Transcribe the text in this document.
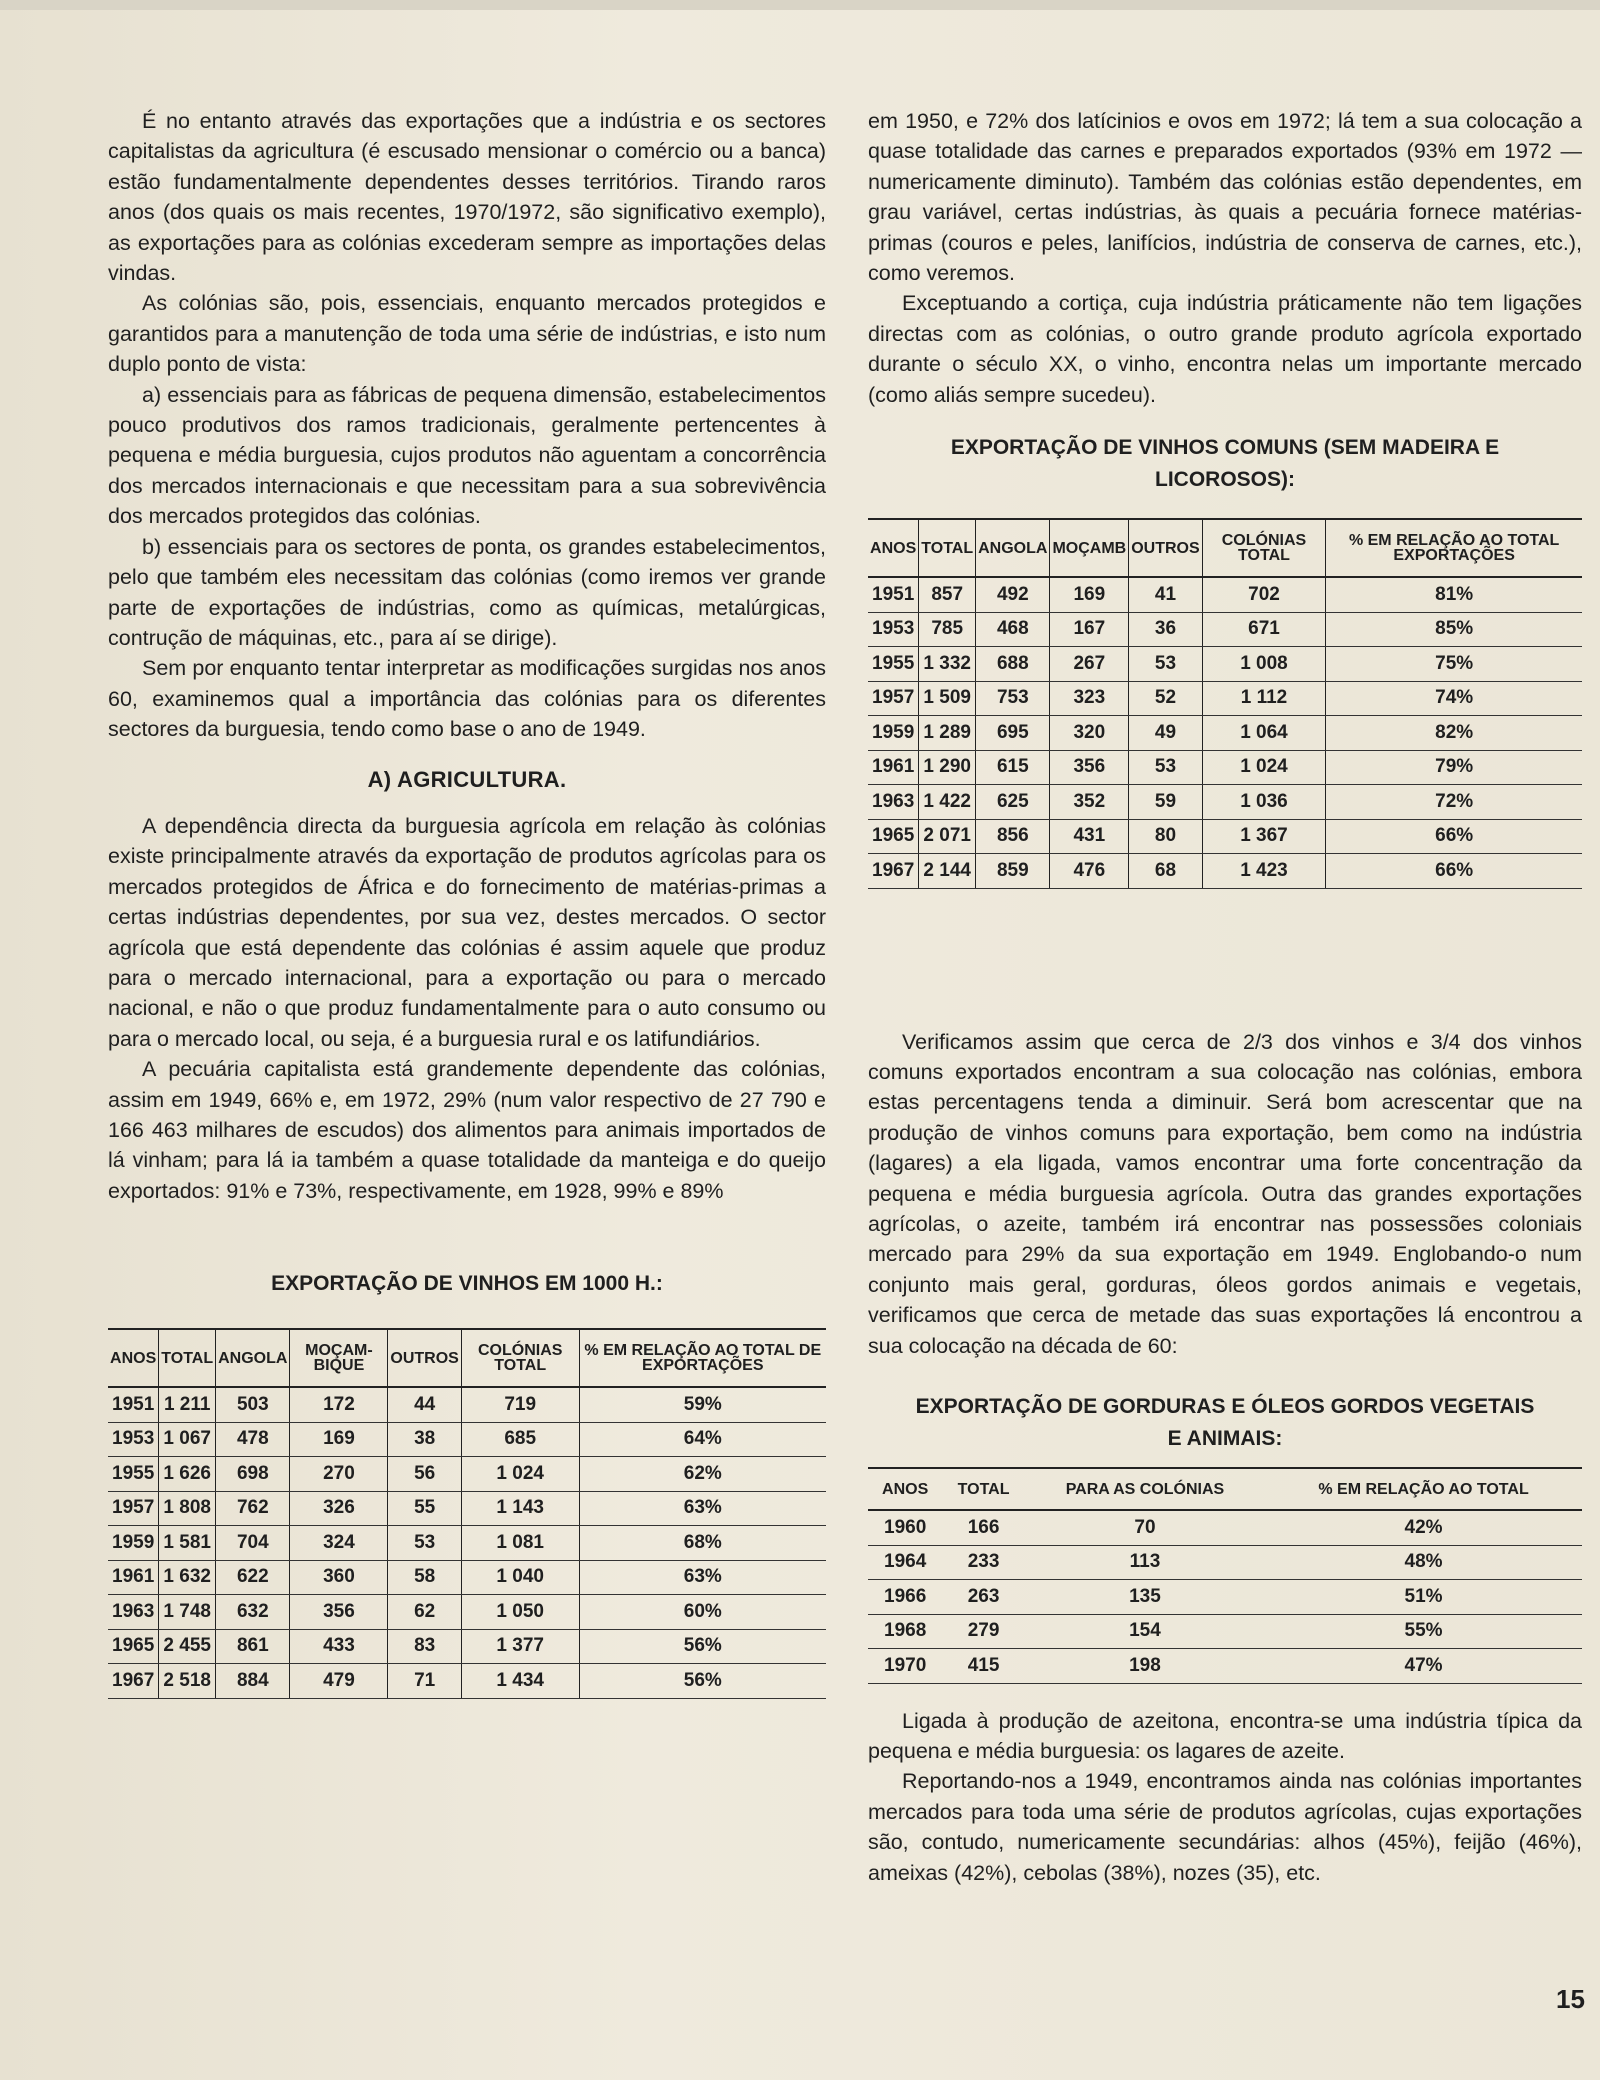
É no entanto através das exportações que a indústria e os sectores capitalistas da agricultura (é escusado mensionar o comércio ou a banca) estão fundamentalmente dependentes desses territórios. Tirando raros anos (dos quais os mais recentes, 1970/1972, são significativo exemplo), as exportações para as colónias excederam sempre as importações delas vindas.

As colónias são, pois, essenciais, enquanto mercados protegidos e garantidos para a manutenção de toda uma série de indústrias, e isto num duplo ponto de vista:

a) essenciais para as fábricas de pequena dimensão, estabelecimentos pouco produtivos dos ramos tradicionais, geralmente pertencentes à pequena e média burguesia, cujos produtos não aguentam a concorrência dos mercados internacionais e que necessitam para a sua sobrevivência dos mercados protegidos das colónias.

b) essenciais para os sectores de ponta, os grandes estabelecimentos, pelo que também eles necessitam das colónias (como iremos ver grande parte de exportações de indústrias, como as químicas, metalúrgicas, contrução de máquinas, etc., para aí se dirige).

Sem por enquanto tentar interpretar as modificações surgidas nos anos 60, examinemos qual a importância das colónias para os diferentes sectores da burguesia, tendo como base o ano de 1949.

A) AGRICULTURA.

A dependência directa da burguesia agrícola em relação às colónias existe principalmente através da exportação de produtos agrícolas para os mercados protegidos de África e do fornecimento de matérias-primas a certas indústrias dependentes, por sua vez, destes mercados. O sector agrícola que está dependente das colónias é assim aquele que produz para o mercado internacional, para a exportação ou para o mercado nacional, e não o que produz fundamentalmente para o auto consumo ou para o mercado local, ou seja, é a burguesia rural e os latifundiários.

A pecuária capitalista está grandemente dependente das colónias, assim em 1949, 66% e, em 1972, 29% (num valor respectivo de 27 790 e 166 463 milhares de escudos) dos alimentos para animais importados de lá vinham; para lá ia também a quase totalidade da manteiga e do queijo exportados: 91% e 73%, respectivamente, em 1928, 99% e 89%

EXPORTAÇÃO DE VINHOS EM 1000 H.:
ANOS	TOTAL	ANGOLA	MOÇAM-BIQUE	OUTROS	COLÓNIAS TOTAL	% EM RELAÇÃO AO TOTAL DE EXPORTAÇÕES
1951	1 211	503	172	44	719	59%
1953	1 067	478	169	38	685	64%
1955	1 626	698	270	56	1 024	62%
1957	1 808	762	326	55	1 143	63%
1959	1 581	704	324	53	1 081	68%
1961	1 632	622	360	58	1 040	63%
1963	1 748	632	356	62	1 050	60%
1965	2 455	861	433	83	1 377	56%
1967	2 518	884	479	71	1 434	56%

em 1950, e 72% dos latícinios e ovos em 1972; lá tem a sua colocação a quase totalidade das carnes e preparados exportados (93% em 1972 — numericamente diminuto). Também das colónias estão dependentes, em grau variável, certas indústrias, às quais a pecuária fornece matérias-primas (couros e peles, lanifícios, indústria de conserva de carnes, etc.), como veremos.

Exceptuando a cortiça, cuja indústria práticamente não tem ligações directas com as colónias, o outro grande produto agrícola exportado durante o século XX, o vinho, encontra nelas um importante mercado (como aliás sempre sucedeu).

EXPORTAÇÃO DE VINHOS COMUNS (SEM MADEIRA E LICOROSOS):
ANOS	TOTAL	ANGOLA	MOÇAMB	OUTROS	COLÓNIAS TOTAL	% EM RELAÇÃO AO TOTAL EXPORTAÇÕES
1951	857	492	169	41	702	81%
1953	785	468	167	36	671	85%
1955	1 332	688	267	53	1 008	75%
1957	1 509	753	323	52	1 112	74%
1959	1 289	695	320	49	1 064	82%
1961	1 290	615	356	53	1 024	79%
1963	1 422	625	352	59	1 036	72%
1965	2 071	856	431	80	1 367	66%
1967	2 144	859	476	68	1 423	66%

Verificamos assim que cerca de 2/3 dos vinhos e 3/4 dos vinhos comuns exportados encontram a sua colocação nas colónias, embora estas percentagens tenda a diminuir. Será bom acrescentar que na produção de vinhos comuns para exportação, bem como na indústria (lagares) a ela ligada, vamos encontrar uma forte concentração da pequena e média burguesia agrícola. Outra das grandes exportações agrícolas, o azeite, também irá encontrar nas possessões coloniais mercado para 29% da sua exportação em 1949. Englobando-o num conjunto mais geral, gorduras, óleos gordos animais e vegetais, verificamos que cerca de metade das suas exportações lá encontrou a sua colocação na década de 60:

EXPORTAÇÃO DE GORDURAS E ÓLEOS GORDOS VEGETAIS E ANIMAIS:
ANOS	TOTAL	PARA AS COLÓNIAS	% EM RELAÇÃO AO TOTAL
1960	166	70	42%
1964	233	113	48%
1966	263	135	51%
1968	279	154	55%
1970	415	198	47%

Ligada à produção de azeitona, encontra-se uma indústria típica da pequena e média burguesia: os lagares de azeite.

Reportando-nos a 1949, encontramos ainda nas colónias importantes mercados para toda uma série de produtos agrícolas, cujas exportações são, contudo, numericamente secundárias: alhos (45%), feijão (46%), ameixas (42%), cebolas (38%), nozes (35), etc.

15
